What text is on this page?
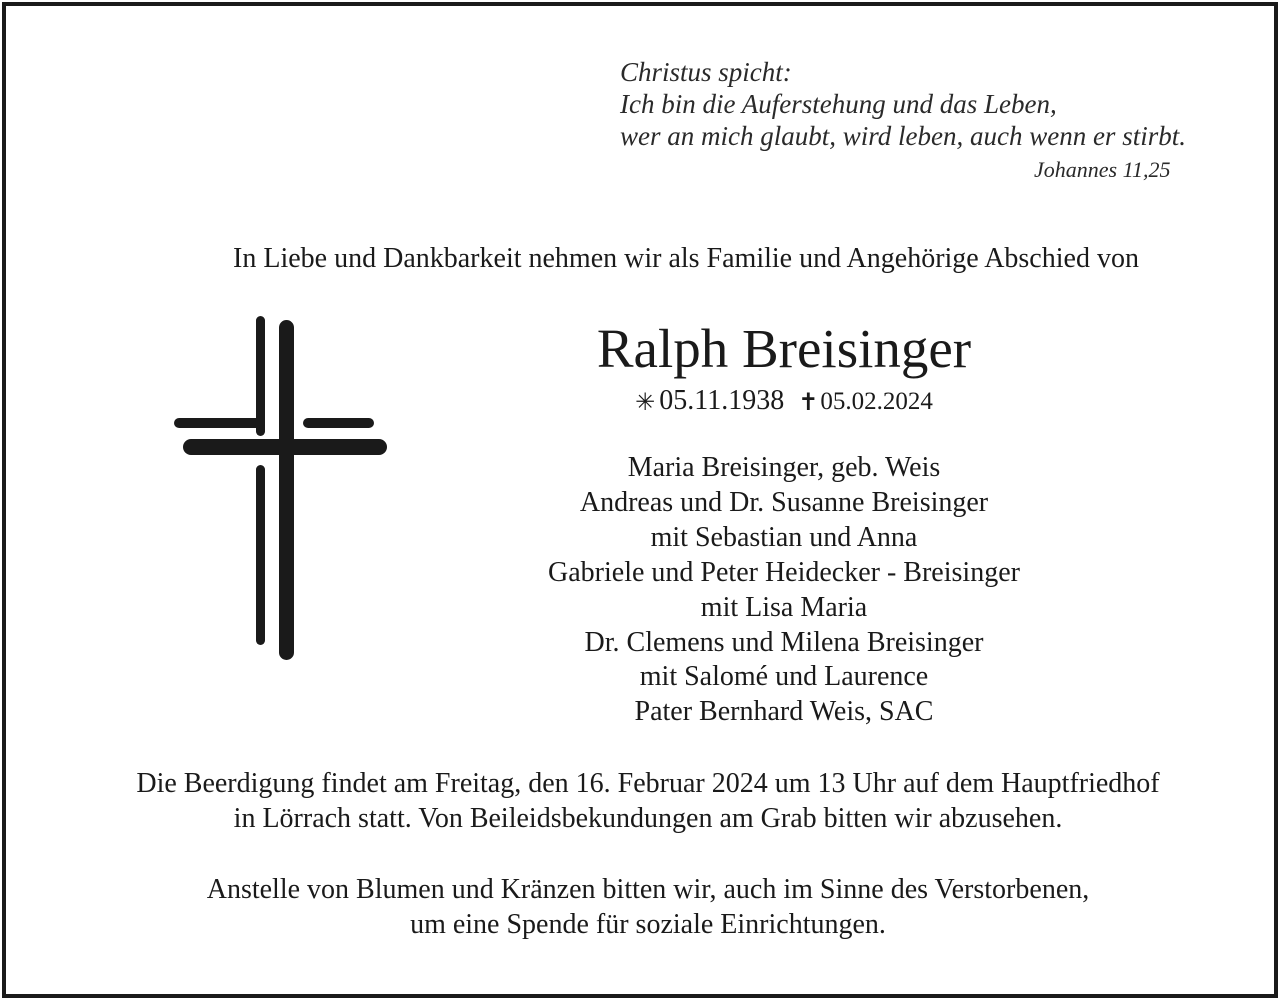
Christus spicht:
Ich bin die Auferstehung und das Leben,
wer an mich glaubt, wird leben, auch wenn er stirbt.
Johannes 11,25
In Liebe und Dankbarkeit nehmen wir als Familie und Angehörige Abschied von
Ralph Breisinger
✳ 05.11.1938 ✝05.02.2024
Maria Breisinger, geb. Weis
Andreas und Dr. Susanne Breisinger
mit Sebastian und Anna
Gabriele und Peter Heidecker - Breisinger
mit Lisa Maria
Dr. Clemens und Milena Breisinger
mit Salomé und Laurence
Pater Bernhard Weis, SAC
Die Beerdigung findet am Freitag, den 16. Februar 2024 um 13 Uhr auf dem Hauptfriedhof
in Lörrach statt. Von Beileidsbekundungen am Grab bitten wir abzusehen.
Anstelle von Blumen und Kränzen bitten wir, auch im Sinne des Verstorbenen,
um eine Spende für soziale Einrichtungen.
